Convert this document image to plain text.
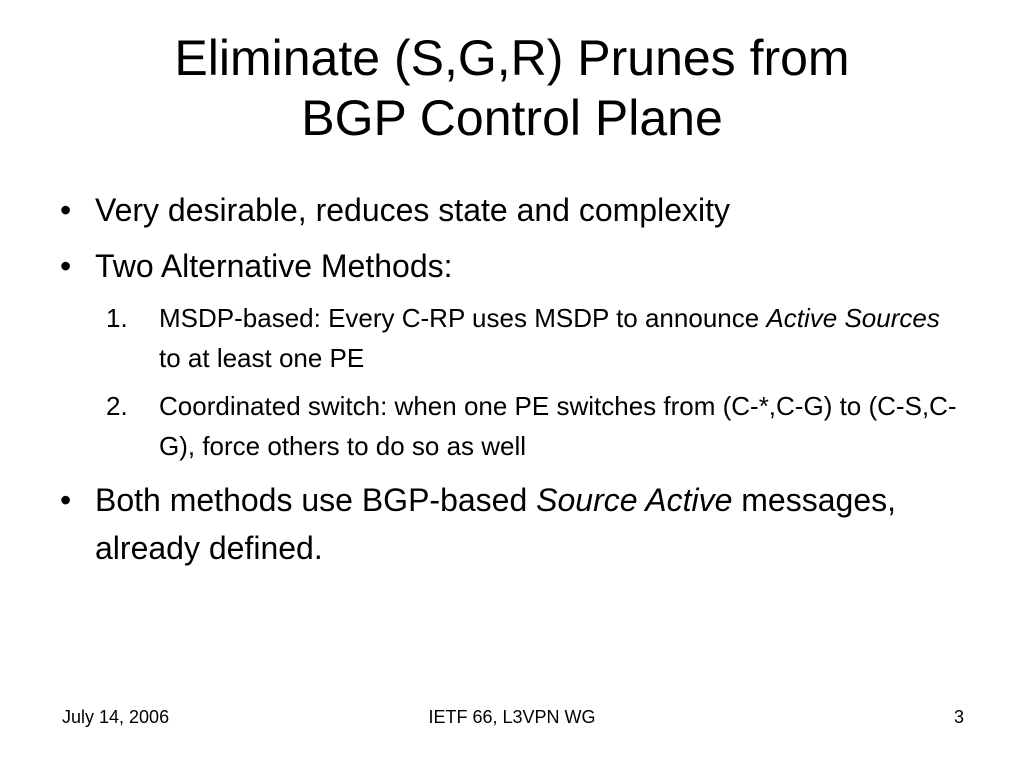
Eliminate (S,G,R) Prunes from
BGP Control Plane
• Very desirable, reduces state and complexity
• Two Alternative Methods:
1. MSDP-based: Every C-RP uses MSDP to announce Active Sources to at least one PE
2. Coordinated switch: when one PE switches from (C-*,C-G) to (C-S,C-G), force others to do so as well
• Both methods use BGP-based Source Active messages, already defined.
July 14, 2006	IETF 66, L3VPN WG	3
